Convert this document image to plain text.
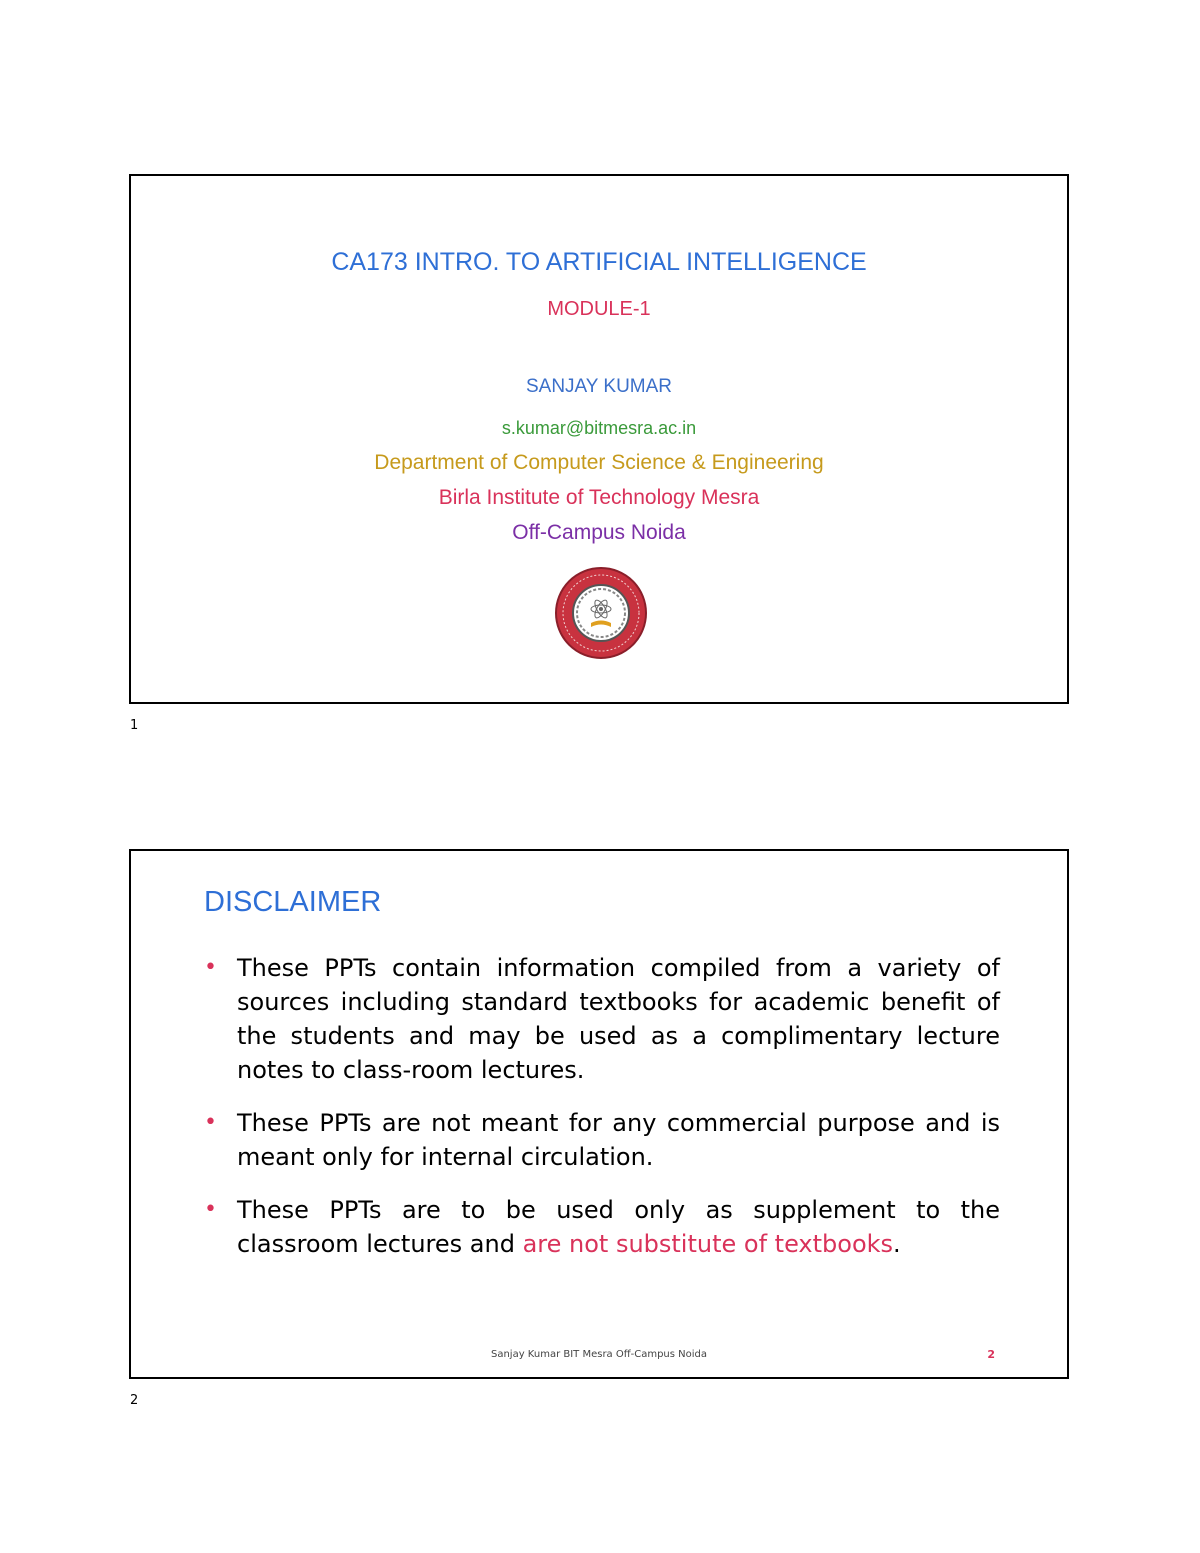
CA173 INTRO. TO ARTIFICIAL INTELLIGENCE
MODULE-1
SANJAY KUMAR
s.kumar@bitmesra.ac.in
Department of Computer Science & Engineering
Birla Institute of Technology Mesra
Off-Campus Noida
1
DISCLAIMER
• These PPTs contain information compiled from a variety of sources including standard textbooks for academic benefit of the students and may be used as a complimentary lecture notes to class-room lectures.
• These PPTs are not meant for any commercial purpose and is meant only for internal circulation.
• These PPTs are to be used only as supplement to the classroom lectures and are not substitute of textbooks.
Sanjay Kumar BIT Mesra Off-Campus Noida	2
2
